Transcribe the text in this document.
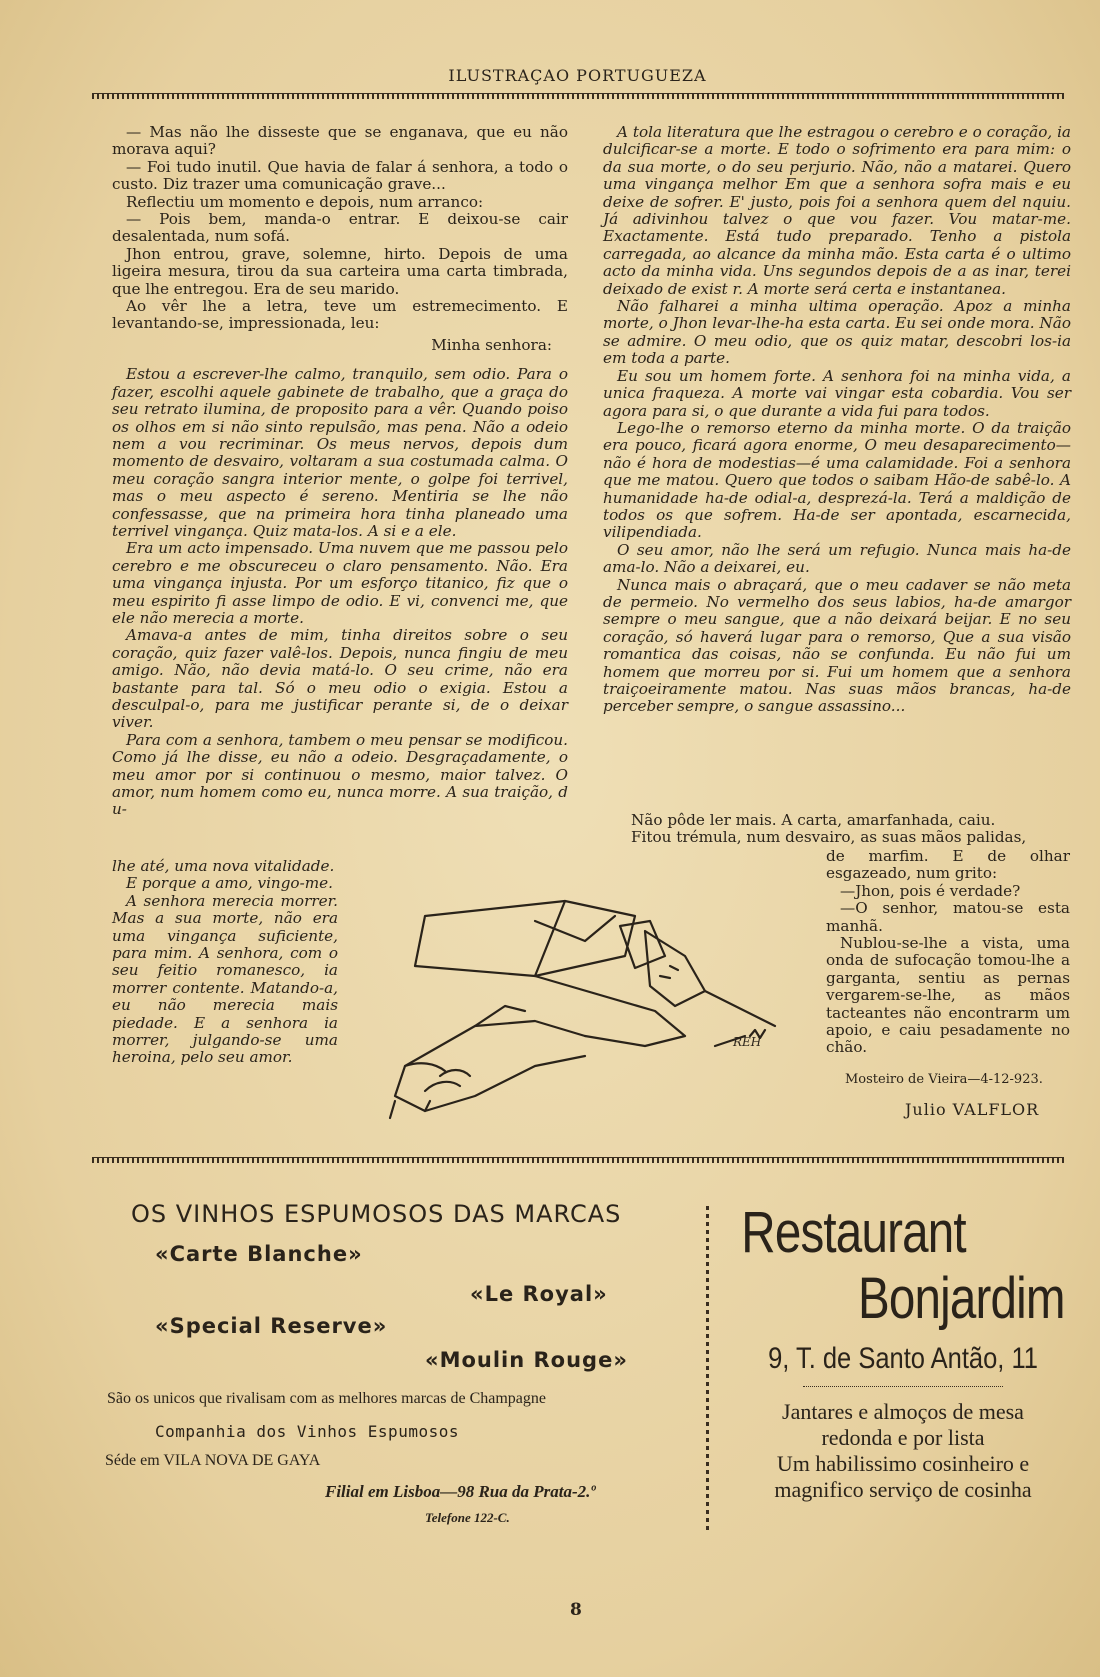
ILUSTRAÇAO PORTUGUEZA

— Mas não lhe disseste que se enganava, que eu não morava aqui?

— Foi tudo inutil. Que havia de falar á senhora, a todo o custo. Diz trazer uma comunicação grave...

Reflectiu um momento e depois, num arranco:

— Pois bem, manda-o entrar. E deixou-se cair desalentada, num sofá.

Jhon entrou, grave, solemne, hirto. Depois de uma ligeira mesura, tirou da sua carteira uma carta timbrada, que lhe entregou. Era de seu marido.

Ao vêr lhe a letra, teve um estremecimento. E levantando-se, impressionada, leu:

Minha senhora:

Estou a escrever-lhe calmo, tranquilo, sem odio. Para o fazer, escolhi aquele gabinete de trabalho, que a graça do seu retrato ilumina, de proposito para a vêr. Quando poiso os olhos em si não sinto repulsão, mas pena. Não a odeio nem a vou recriminar. Os meus nervos, depois dum momento de desvairo, voltaram a sua costumada calma. O meu coração sangra interior mente, o golpe foi terrivel, mas o meu aspecto é sereno. Mentiria se lhe não confessasse, que na primeira hora tinha planeado uma terrivel vingança. Quiz mata-los. A si e a ele.

Era um acto impensado. Uma nuvem que me passou pelo cerebro e me obscureceu o claro pensamento. Não. Era uma vingança injusta. Por um esforço titanico, fiz que o meu espirito fi asse limpo de odio. E vi, convenci me, que ele não merecia a morte.

Amava-a antes de mim, tinha direitos sobre o seu coração, quiz fazer valê-los. Depois, nunca fingiu de meu amigo. Não, não devia matá-lo. O seu crime, não era bastante para tal. Só o meu odio o exigia. Estou a desculpal-o, para me justificar perante si, de o deixar viver.

Para com a senhora, tambem o meu pensar se modificou. Como já lhe disse, eu não a odeio. Desgraçadamente, o meu amor por si continuou o mesmo, maior talvez. O amor, num homem como eu, nunca morre. A sua traição, d u-

lhe até, uma nova vitalidade.

E porque a amo, vingo-me.

A senhora merecia morrer. Mas a sua morte, não era uma vingança suficiente, para mim. A senhora, com o seu feitio romanesco, ia morrer contente. Matando-a, eu não merecia mais piedade. E a senhora ia morrer, julgando-se uma heroina, pelo seu amor.

A tola literatura que lhe estragou o cerebro e o coração, ia dulcificar-se a morte. E todo o sofrimento era para mim: o da sua morte, o do seu perjurio. Não, não a matarei. Quero uma vingança melhor Em que a senhora sofra mais e eu deixe de sofrer. E' justo, pois foi a senhora quem del nquiu. Já adivinhou talvez o que vou fazer. Vou matar-me. Exactamente. Está tudo preparado. Tenho a pistola carregada, ao alcance da minha mão. Esta carta é o ultimo acto da minha vida. Uns segundos depois de a as inar, terei deixado de exist r. A morte será certa e instantanea.

Não falharei a minha ultima operação. Apoz a minha morte, o Jhon levar-lhe-ha esta carta. Eu sei onde mora. Não se admire. O meu odio, que os quiz matar, descobri los-ia em toda a parte.

Eu sou um homem forte. A senhora foi na minha vida, a unica fraqueza. A morte vai vingar esta cobardia. Vou ser agora para si, o que durante a vida fui para todos.

Lego-lhe o remorso eterno da minha morte. O da traição era pouco, ficará agora enorme, O meu desaparecimento—não é hora de modestias—é uma calamidade. Foi a senhora que me matou. Quero que todos o saibam Hão-de sabê-lo. A humanidade ha-de odial-a, desprezá-la. Terá a maldição de todos os que sofrem. Ha-de ser apontada, escarnecida, vilipendiada.

O seu amor, não lhe será um refugio. Nunca mais ha-de ama-lo. Não a deixarei, eu.

Nunca mais o abraçará, que o meu cadaver se não meta de permeio. No vermelho dos seus labios, ha-de amargor sempre o meu sangue, que a não deixará beijar. E no seu coração, só haverá lugar para o remorso, Que a sua visão romantica das coisas, não se confunda. Eu não fui um homem que morreu por si. Fui um homem que a senhora traiçoeiramente matou. Nas suas mãos brancas, ha-de perceber sempre, o sangue assassino...

Não pôde ler mais. A carta, amarfanhada, caiu.

Fitou trémula, num desvairo, as suas mãos palidas,

de marfim. E de olhar esgazeado, num grito:

—Jhon, pois é verdade?

—O senhor, matou-se esta manhã.

Nublou-se-lhe a vista, uma onda de sufocação tomou-lhe a garganta, sentiu as pernas vergarem-se-lhe, as mãos tacteantes não encontrarm um apoio, e caiu pesadamente no chão.

Mosteiro de Vieira—4-12-923.
Julio VALFLOR
REH
OS VINHOS ESPUMOSOS DAS MARCAS
«Carte Blanche»
«Le Royal»
«Special Reserve»
«Moulin Rouge»
São os unicos que rivalisam com as melhores marcas de Champagne
Companhia dos Vinhos Espumosos
Séde em VILA NOVA DE GAYA
Filial em Lisboa—98 Rua da Prata-2.º
Telefone 122-C.
Restaurant
Bonjardim
9, T. de Santo Antão, 11
Jantares e almoços de mesa
redonda e por lista
Um habilissimo cosinheiro e
magnifico serviço de cosinha
8
